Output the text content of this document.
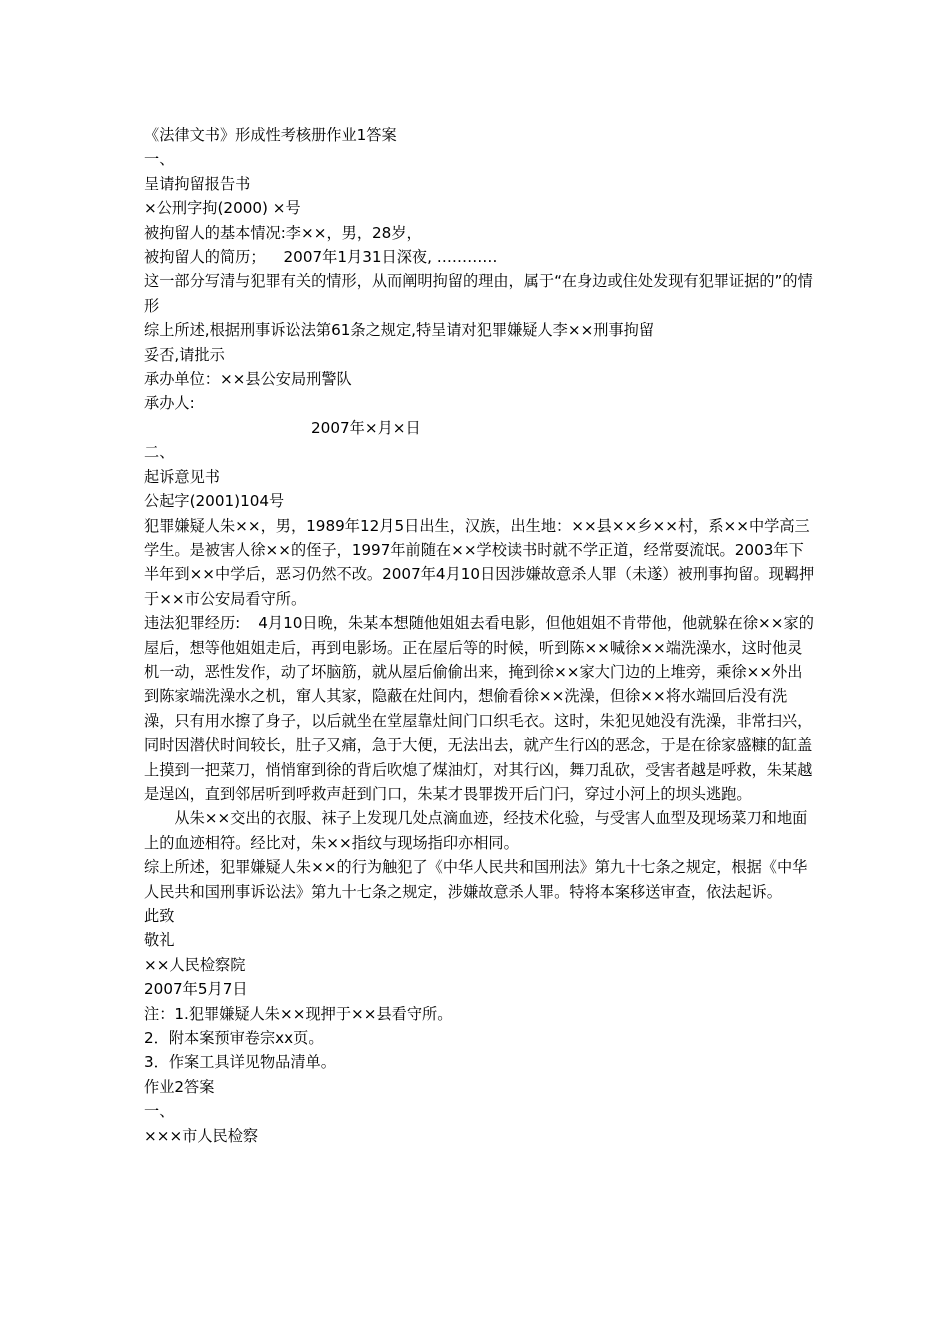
《法律文书》形成性考核册作业1答案
一、
呈请拘留报告书
×公刑字拘(2000) ×号
被拘留人的基本情况:李××，男，28岁，
被拘留人的简历； 2007年1月31日深夜, …………
这一部分写清与犯罪有关的情形，从而阐明拘留的理由，属于“在身边或住处发现有犯罪证据的”的情形
综上所述,根据刑事诉讼法第61条之规定,特呈请对犯罪嫌疑人李××刑事拘留
妥否,请批示
承办单位：××县公安局刑警队
承办人:
2007年×月×日
二、
起诉意见书
公起字(2001)104号
犯罪嫌疑人朱××，男，1989年12月5日出生，汉族，出生地：××县××乡××村，系××中学高三学生。是被害人徐××的侄子，1997年前随在××学校读书时就不学正道，经常耍流氓。2003年下半年到××中学后，恶习仍然不改。2007年4月10日因涉嫌故意杀人罪（未遂）被刑事拘留。现羁押于××市公安局看守所。
违法犯罪经历: 4月10日晚，朱某本想随他姐姐去看电影，但他姐姐不肯带他，他就躲在徐××家的屋后，想等他姐姐走后，再到电影场。正在屋后等的时候，听到陈××喊徐××端洗澡水，这时他灵机一动，恶性发作，动了坏脑筋，就从屋后偷偷出来，掩到徐××家大门边的上堆旁，乘徐××外出到陈家端洗澡水之机，窜人其家，隐蔽在灶间内，想偷看徐××洗澡，但徐××将水端回后没有洗澡，只有用水擦了身子，以后就坐在堂屋靠灶间门口织毛衣。这时，朱犯见她没有洗澡，非常扫兴，同时因潜伏时间较长，肚子又痛，急于大便，无法出去，就产生行凶的恶念，于是在徐家盛糠的缸盖上摸到一把菜刀，悄悄窜到徐的背后吹熄了煤油灯，对其行凶，舞刀乱砍，受害者越是呼救，朱某越是逞凶，直到邻居听到呼救声赶到门口，朱某才畏罪拨开后门闩，穿过小河上的坝头逃跑。
从朱××交出的衣服、袜子上发现几处点滴血迹，经技术化验，与受害人血型及现场菜刀和地面上的血迹相符。经比对，朱××指纹与现场指印亦相同。
综上所述，犯罪嫌疑人朱××的行为触犯了《中华人民共和国刑法》第九十七条之规定，根据《中华人民共和国刑事诉讼法》第九十七条之规定，涉嫌故意杀人罪。特将本案移送审查，依法起诉。
此致
敬礼
××人民检察院
2007年5月7日
注：1.犯罪嫌疑人朱××现押于××县看守所。
2．附本案预审卷宗xx页。
3．作案工具详见物品清单。
作业2答案
一、
×××市人民检察
